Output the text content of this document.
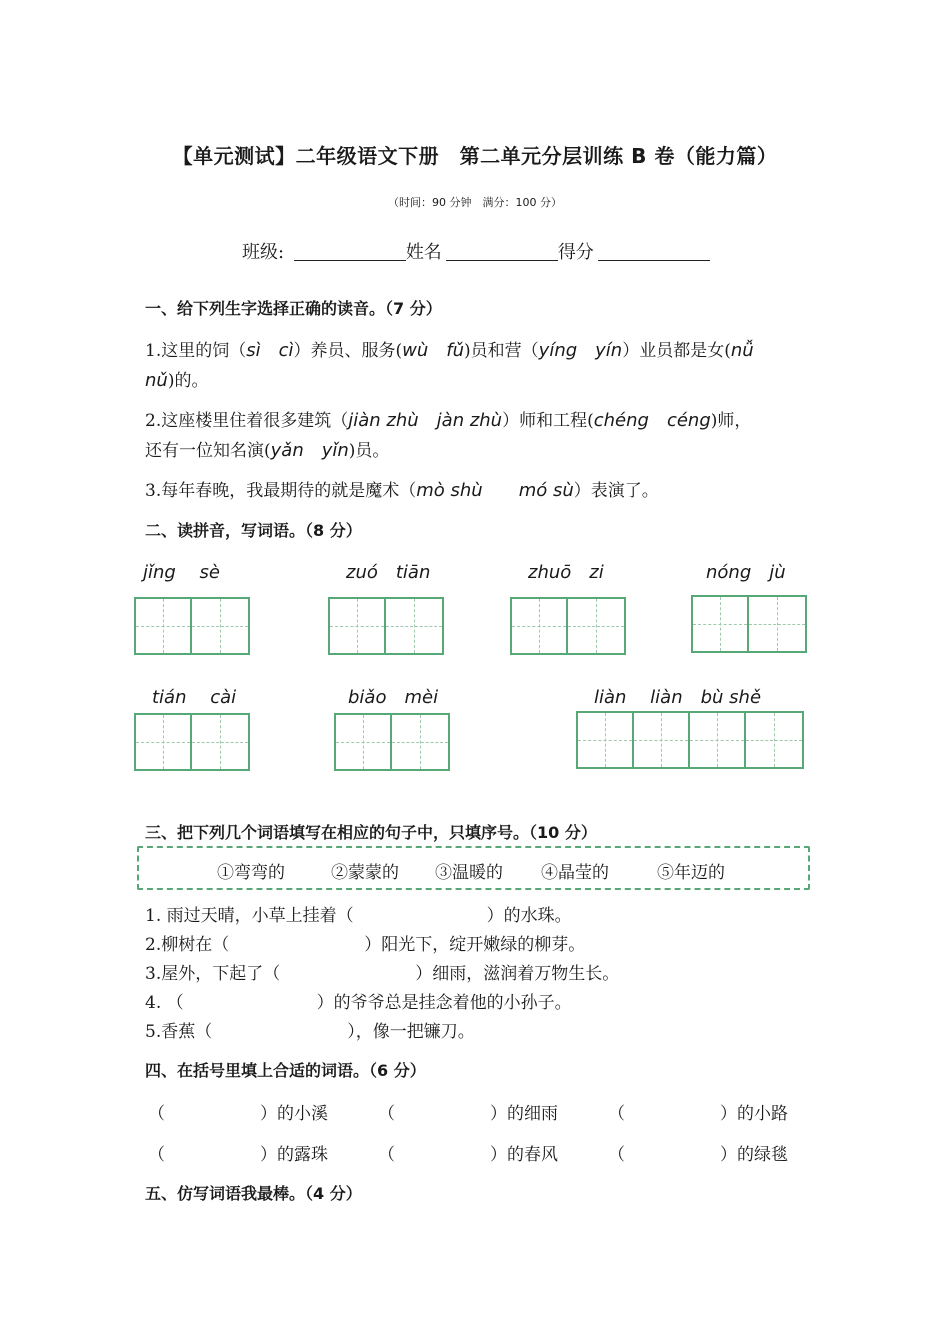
【单元测试】二年级语文下册　第二单元分层训练 B 卷（能力篇）
（时间：90 分钟　满分：100 分）
班级:	姓名	得分
一、给下列生字选择正确的读音。（7 分）
1.这里的饲（sì　cì）养员、服务(wù　fǔ)员和营（yíng　yín）业员都是女(nǚ
nǔ)的。
2.这座楼里住着很多建筑（jiàn zhù　jàn zhù）师和工程(chéng　céng)师，
还有一位知名演(yǎn　yǐn)员。
3.每年春晚，我最期待的就是魔术（mò shù　　mó sù）表演了。
二、读拼音，写词语。（8 分）
jǐng　 sè	zuó　tiān	zhuō　zi	nóng　jù
tián　 cài	biǎo　mèi	liàn　 liàn　bù shě
三、把下列几个词语填写在相应的句子中，只填序号。（10 分）
①弯弯的	②蒙蒙的 ③温暖的 ④晶莹的	⑤年迈的
1. 雨过天晴，小草上挂着（	）的水珠。
2.柳树在（	）阳光下，绽开嫩绿的柳芽。
3.屋外，下起了（	）细雨，滋润着万物生长。
4. （	）的爷爷总是挂念着他的小孙子。
5.香蕉（	），像一把镰刀。
四、在括号里填上合适的词语。（6 分）
（	）的小溪	（	）的细雨	（	）的小路
（	）的露珠	（	）的春风	（	）的绿毯
五、仿写词语我最棒。（4 分）
